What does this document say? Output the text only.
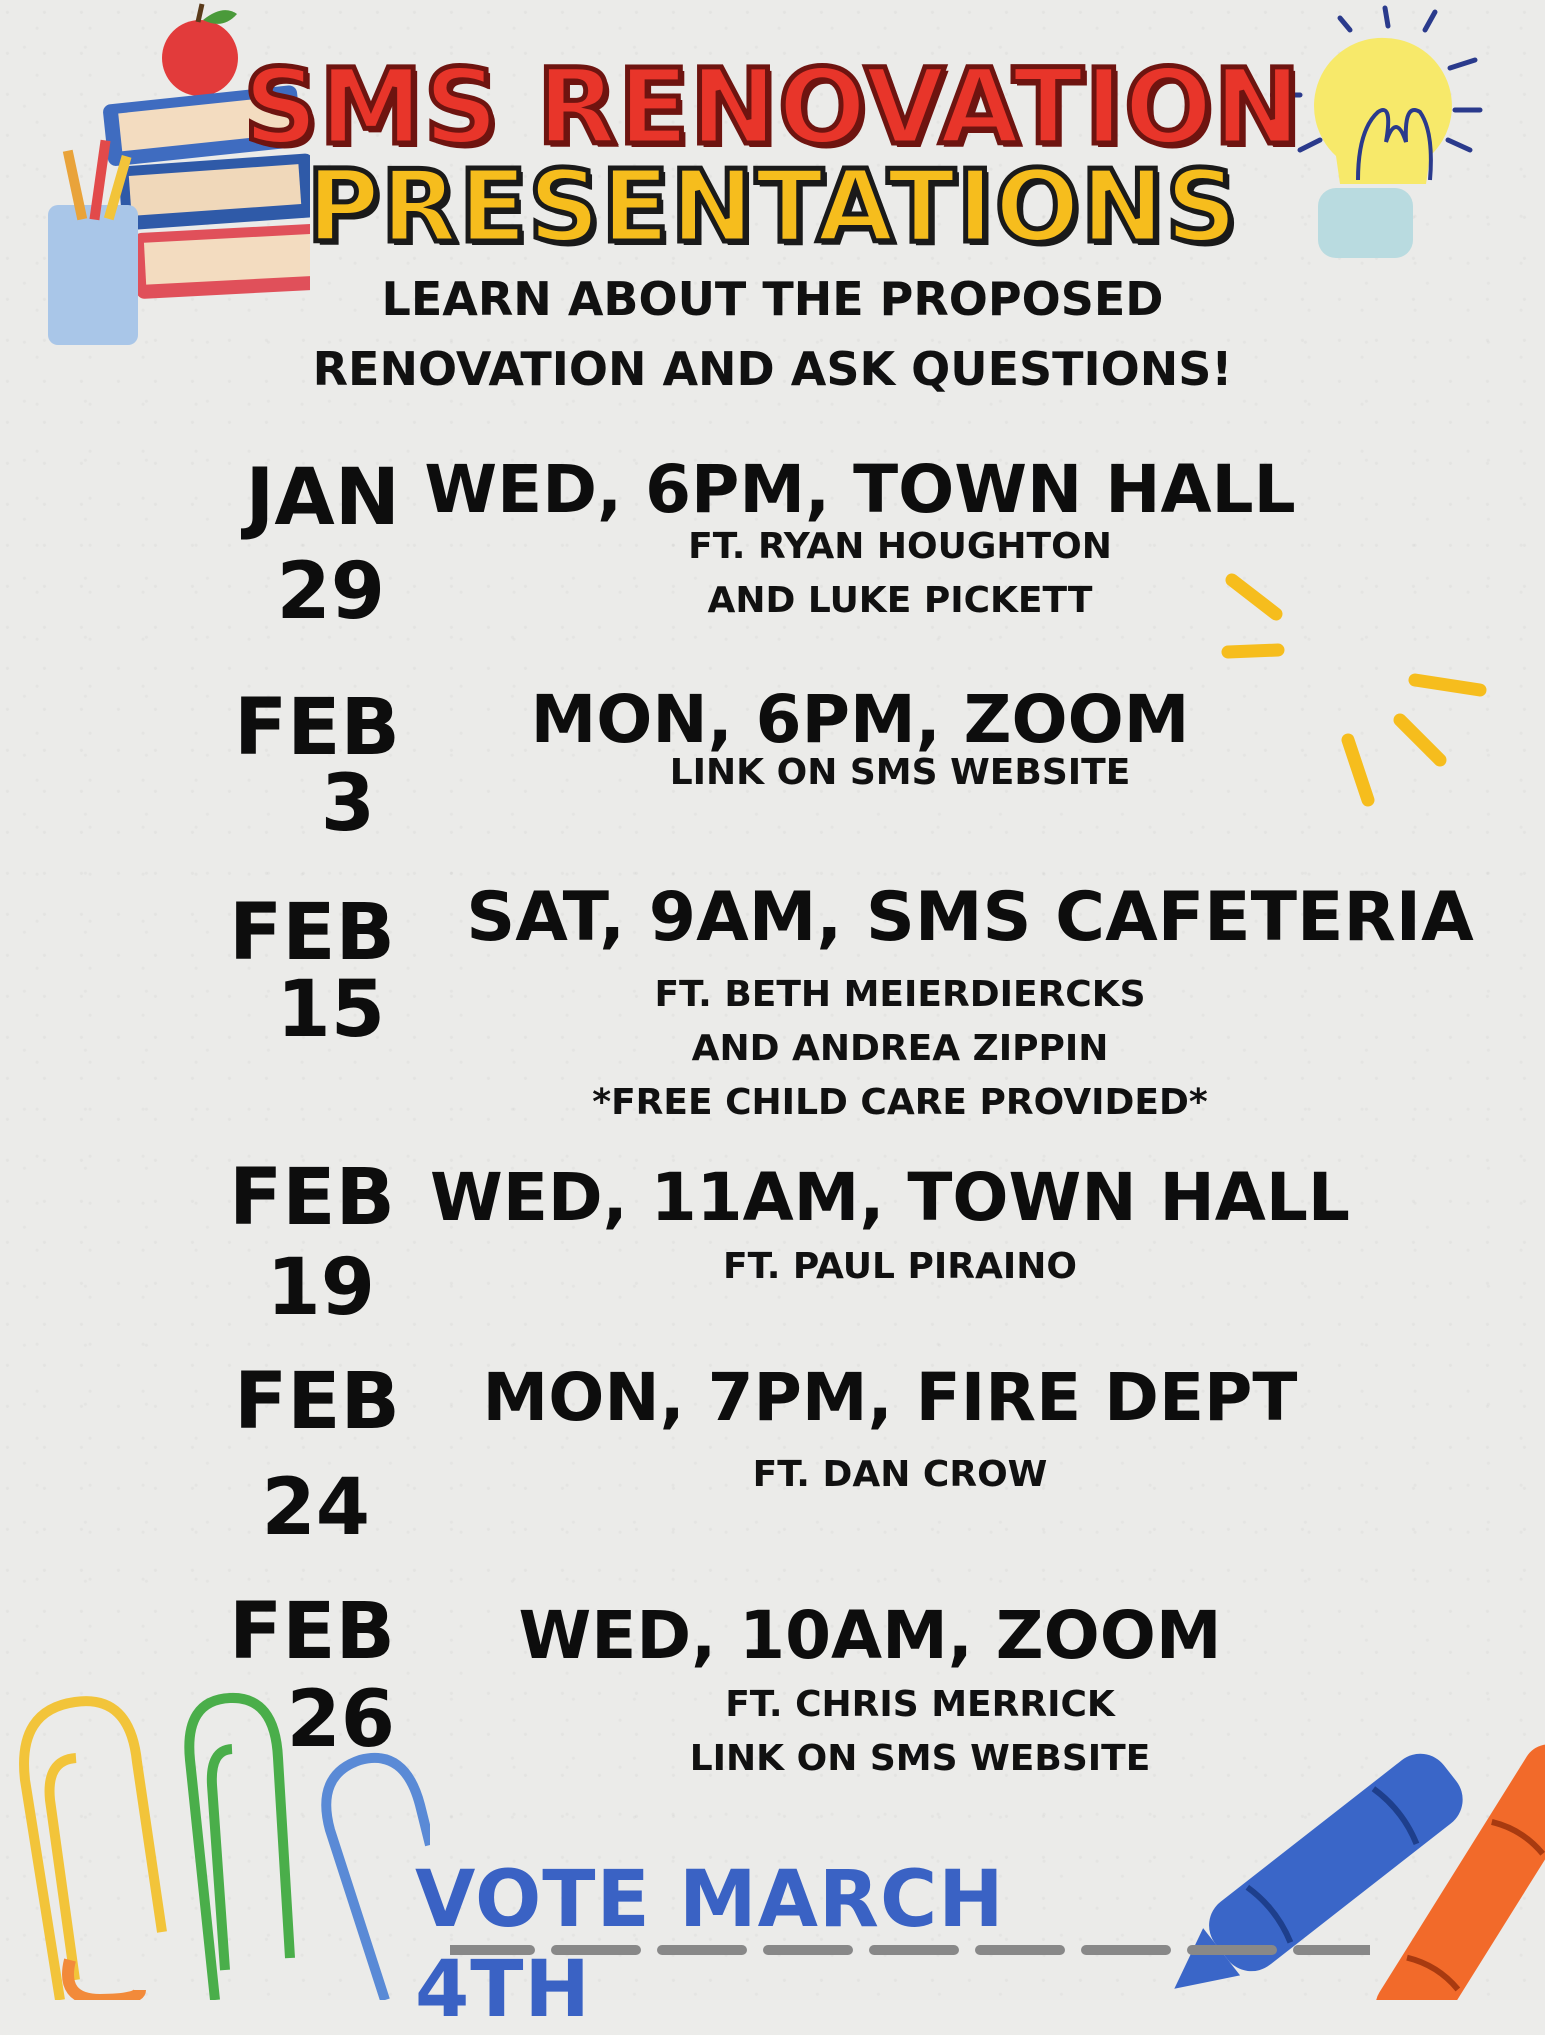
SMS RENOVATION
PRESENTATIONS
LEARN ABOUT THE PROPOSED
RENOVATION AND ASK QUESTIONS!
JAN
29
WED, 6PM, TOWN HALL
FT. RYAN HOUGHTON
AND LUKE PICKETT
FEB
3
MON, 6PM, ZOOM
LINK ON SMS WEBSITE
FEB
15
SAT, 9AM, SMS CAFETERIA
FT. BETH MEIERDIERCKS
AND ANDREA ZIPPIN
*FREE CHILD CARE PROVIDED*
FEB
19
WED, 11AM, TOWN HALL
FT. PAUL PIRAINO
FEB
24
MON, 7PM, FIRE DEPT
FT. DAN CROW
FEB
26
WED, 10AM, ZOOM
FT. CHRIS MERRICK
LINK ON SMS WEBSITE
VOTE MARCH 4TH
